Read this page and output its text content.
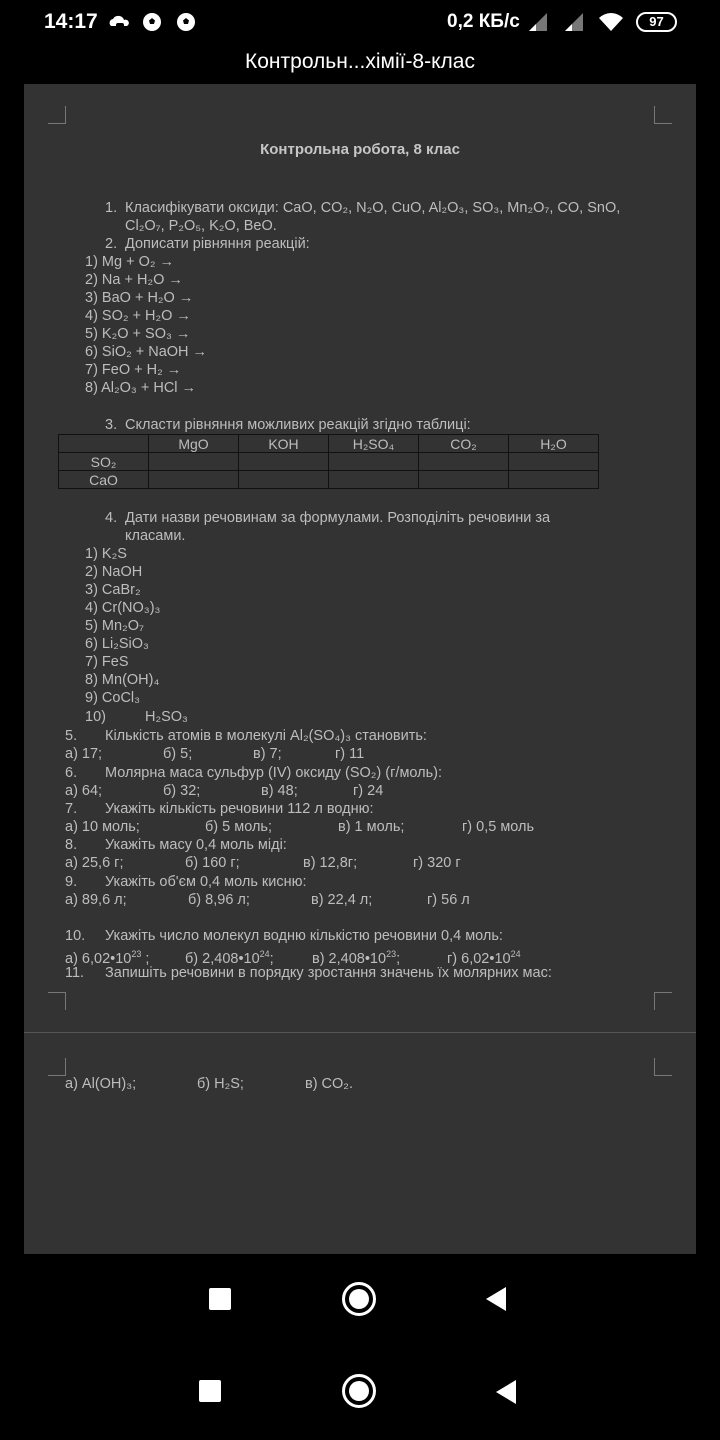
14:17	0,2 КБ/с	97
Контрольн...хімії-8-клас
Контрольна робота, 8 клас
1. Класифікувати оксиди: CaO, CO₂, N₂O, CuO, Al₂O₃, SO₃, Mn₂O₇, CO, SnO,
Cl₂O₇, P₂O₅, K₂O, BeO.
2. Дописати рівняння реакцій:
1) Mg + O₂ →
2) Na + H₂O →
3) BaO + H₂O →
4) SO₂ + H₂O →
5) K₂O + SO₃ →
6) SiO₂ + NaOH →
7) FeO + H₂ →
8) Al₂O₃ + HCl →
3. Скласти рівняння можливих реакцій згідно таблиці:
	MgO	KOH	H₂SO₄	CO₂	H₂O
SO₂					
CaO					
4. Дати назви речовинам за формулами. Розподіліть речовини за
класами.
1) K₂S
2) NaOH
3) CaBr₂
4) Cr(NO₃)₃
5) Mn₂O₇
6) Li₂SiO₃
7) FeS
8) Mn(OH)₄
9) CoCl₃
10)	H₂SO₃
5. Кількість атомів в молекулі Al₂(SO₄)₃ становить:
а) 17;	б) 5;	в) 7;	г) 11
6. Молярна маса сульфур (IV) оксиду (SO₂) (г/моль):
а) 64;	б) 32;	в) 48;	г) 24
7. Укажіть кількість речовини 112 л водню:
а) 10 моль;	б) 5 моль;	в) 1 моль;	г) 0,5 моль
8. Укажіть масу 0,4 моль міді:
а) 25,6 г;	б) 160 г;	в) 12,8г;	г) 320 г
9. Укажіть об'єм 0,4 моль кисню:
а) 89,6 л;	б) 8,96 л;	в) 22,4 л;	г) 56 л
10. Укажіть число молекул водню кількістю речовини 0,4 моль:
а) $6,02•10^{23}$ ; б) $2,408•10^{24}$;	в) $2,408•10^{23}$;	г) $6,02•10^{24}$
11. Запишіть речовини в порядку зростання значень їх молярних мас:
а) Al(OH)₃;	б) H₂S;	в) CO₂.
